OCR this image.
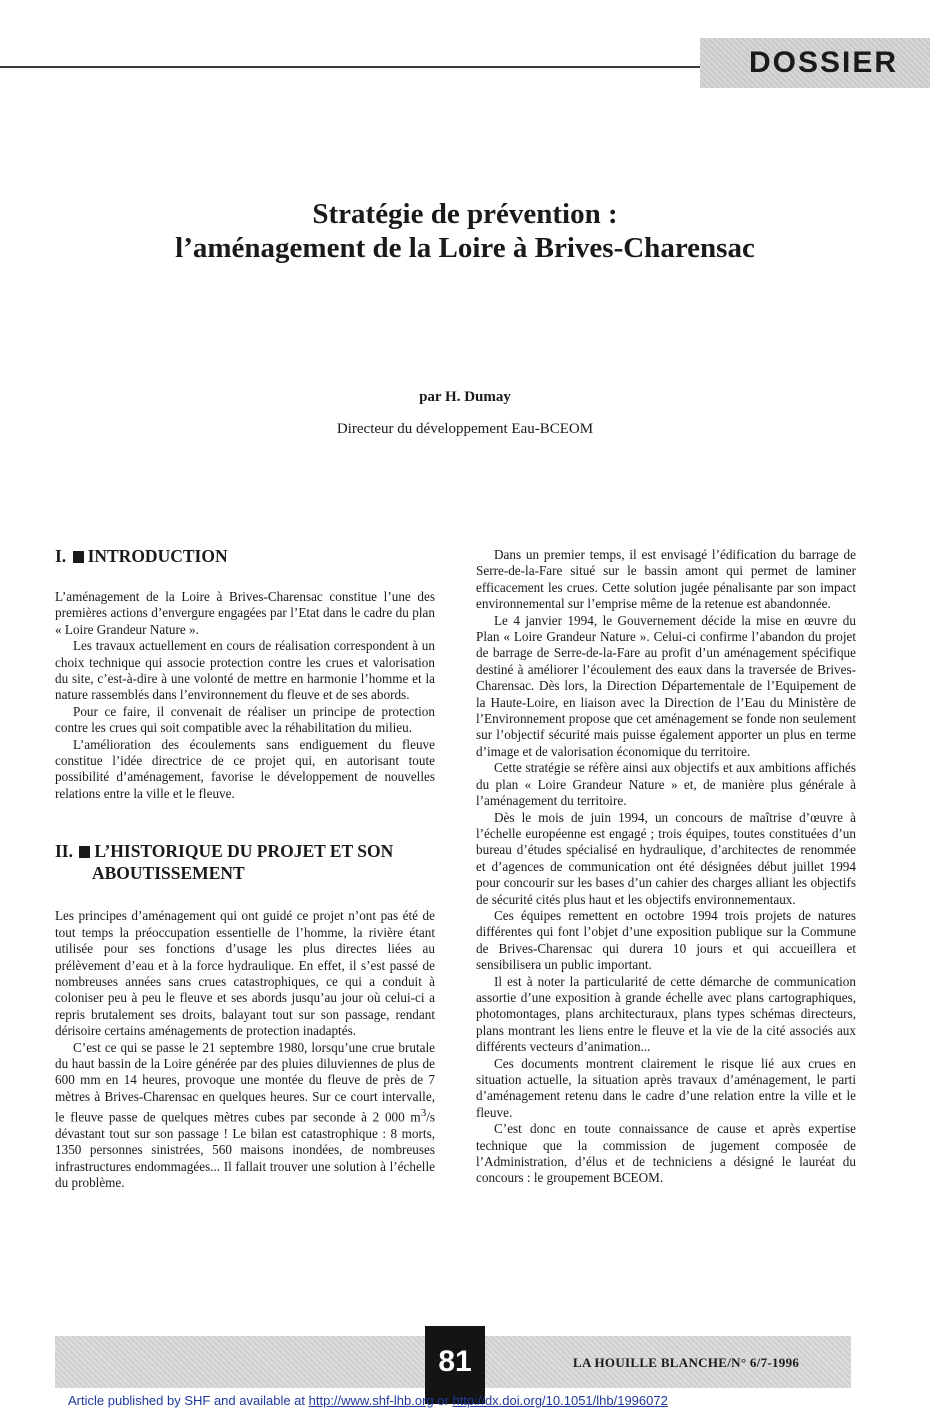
DOSSIER
Stratégie de prévention :
l’aménagement de la Loire à Brives-Charensac
par H. Dumay
Directeur du développement Eau-BCEOM
I. INTRODUCTION

L’aménagement de la Loire à Brives-Charensac constitue l’une des premières actions d’envergure engagées par l’Etat dans le cadre du plan « Loire Grandeur Nature ».

Les travaux actuellement en cours de réalisation correspondent à un choix technique qui associe protection contre les crues et valorisation du site, c’est-à-dire à une volonté de mettre en harmonie l’homme et la nature rassemblés dans l’environnement du fleuve et de ses abords.

Pour ce faire, il convenait de réaliser un principe de protection contre les crues qui soit compatible avec la réhabilitation du milieu.

L’amélioration des écoulements sans endiguement du fleuve constitue l’idée directrice de ce projet qui, en autorisant toute possibilité d’aménagement, favorise le développement de nouvelles relations entre la ville et le fleuve.

II. L’HISTORIQUE DU PROJET ET SON
ABOUTISSEMENT

Les principes d’aménagement qui ont guidé ce projet n’ont pas été de tout temps la préoccupation essentielle de l’homme, la rivière étant utilisée pour ses fonctions d’usage les plus directes liées au prélèvement d’eau et à la force hydraulique. En effet, il s’est passé de nombreuses années sans crues catastrophiques, ce qui a conduit à coloniser peu à peu le fleuve et ses abords jusqu’au jour où celui-ci a repris brutalement ses droits, balayant tout sur son passage, rendant dérisoire certains aménagements de protection inadaptés.

C’est ce qui se passe le 21 septembre 1980, lorsqu’une crue brutale du haut bassin de la Loire générée par des pluies diluviennes de plus de 600 mm en 14 heures, provoque une montée du fleuve de près de 7 mètres à Brives-Charensac en quelques heures. Sur ce court intervalle, le fleuve passe de quelques mètres cubes par seconde à 2 000 $m^3/s$ dévastant tout sur son passage ! Le bilan est catastrophique : 8 morts, 1350 personnes sinistrées, 560 maisons inondées, de nombreuses infrastructures endommagées... Il fallait trouver une solution à l’échelle du problème.

Dans un premier temps, il est envisagé l’édification du barrage de Serre-de-la-Fare situé sur le bassin amont qui permet de laminer efficacement les crues. Cette solution jugée pénalisante par son impact environnemental sur l’emprise même de la retenue est abandonnée.

Le 4 janvier 1994, le Gouvernement décide la mise en œuvre du Plan « Loire Grandeur Nature ». Celui-ci confirme l’abandon du projet de barrage de Serre-de-la-Fare au profit d’un aménagement spécifique destiné à améliorer l’écoulement des eaux dans la traversée de Brives-Charensac. Dès lors, la Direction Départementale de l’Equipement de la Haute-Loire, en liaison avec la Direction de l’Eau du Ministère de l’Environnement propose que cet aménagement se fonde non seulement sur l’objectif sécurité mais puisse également apporter un plus en terme d’image et de valorisation économique du territoire.

Cette stratégie se réfère ainsi aux objectifs et aux ambitions affichés du plan « Loire Grandeur Nature » et, de manière plus générale à l’aménagement du territoire.

Dès le mois de juin 1994, un concours de maîtrise d’œuvre à l’échelle européenne est engagé ; trois équipes, toutes constituées d’un bureau d’études spécialisé en hydraulique, d’architectes de renommée et d’agences de communication ont été désignées début juillet 1994 pour concourir sur les bases d’un cahier des charges alliant les objectifs de sécurité cités plus haut et les objectifs environnementaux.

Ces équipes remettent en octobre 1994 trois projets de natures différentes qui font l’objet d’une exposition publique sur la Commune de Brives-Charensac qui durera 10 jours et qui accueillera et sensibilisera un public important.

Il est à noter la particularité de cette démarche de communication assortie d’une exposition à grande échelle avec plans cartographiques, photomontages, plans architecturaux, plans types schémas directeurs, plans montrant les liens entre le fleuve et la vie de la cité associés aux différents vecteurs d’animation...

Ces documents montrent clairement le risque lié aux crues en situation actuelle, la situation après travaux d’aménagement, le parti d’aménagement retenu dans le cadre d’une relation entre la ville et le fleuve.

C’est donc en toute connaissance de cause et après expertise technique que la commission de jugement composée de l’Administration, d’élus et de techniciens a désigné le lauréat du concours : le groupement BCEOM.

81	LA HOUILLE BLANCHE/N° 6/7-1996
Article published by SHF and available at http://www.shf-lhb.org or http://dx.doi.org/10.1051/lhb/1996072
